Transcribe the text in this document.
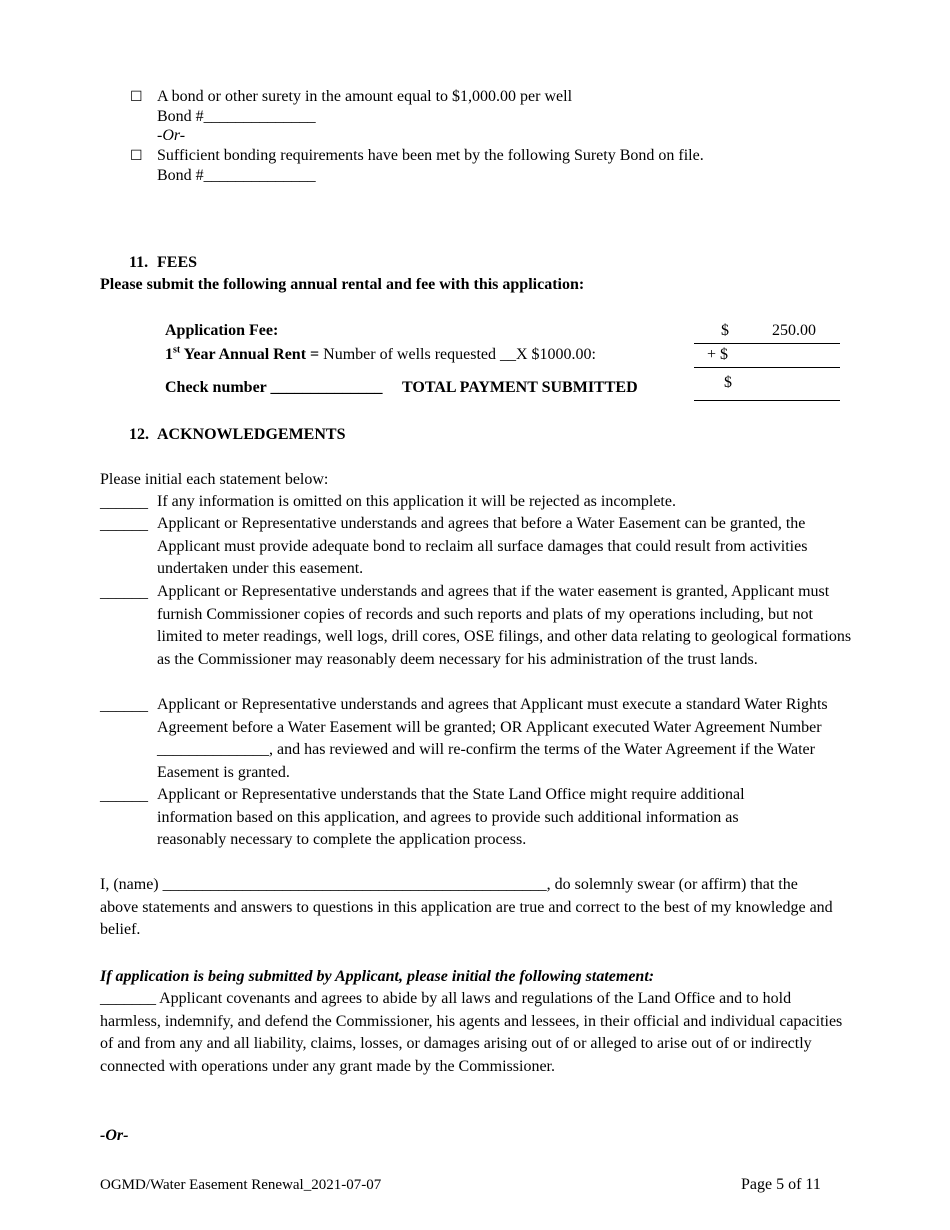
☐ A bond or other surety in the amount equal to $1,000.00 per well
Bond #______________
-Or-
☐ Sufficient bonding requirements have been met by the following Surety Bond on file.
Bond #______________
11. FEES
Please submit the following annual rental and fee with this application:
Application Fee:	$	250.00
1st Year Annual Rent = Number of wells requested __X $1000.00:	+ $
Check number ______________ TOTAL PAYMENT SUBMITTED	$
12. ACKNOWLEDGEMENTS
Please initial each statement below:
______ If any information is omitted on this application it will be rejected as incomplete.
______ Applicant or Representative understands and agrees that before a Water Easement can be granted, the Applicant must provide adequate bond to reclaim all surface damages that could result from activities undertaken under this easement.
______ Applicant or Representative understands and agrees that if the water easement is granted, Applicant must furnish Commissioner copies of records and such reports and plats of my operations including, but not limited to meter readings, well logs, drill cores, OSE filings, and other data relating to geological formations as the Commissioner may reasonably deem necessary for his administration of the trust lands.
______ Applicant or Representative understands and agrees that Applicant must execute a standard Water Rights Agreement before a Water Easement will be granted; OR Applicant executed Water Agreement Number ______________, and has reviewed and will re-confirm the terms of the Water Agreement if the Water Easement is granted.
______ Applicant or Representative understands that the State Land Office might require additional information based on this application, and agrees to provide such additional information as reasonably necessary to complete the application process.
I, (name) ________________________________________________, do solemnly swear (or affirm) that the above statements and answers to questions in this application are true and correct to the best of my knowledge and belief.
If application is being submitted by Applicant, please initial the following statement:
_______ Applicant covenants and agrees to abide by all laws and regulations of the Land Office and to hold harmless, indemnify, and defend the Commissioner, his agents and lessees, in their official and individual capacities of and from any and all liability, claims, losses, or damages arising out of or alleged to arise out of or indirectly connected with operations under any grant made by the Commissioner.
-Or-
OGMD/Water Easement Renewal_2021-07-07	Page 5 of 11
